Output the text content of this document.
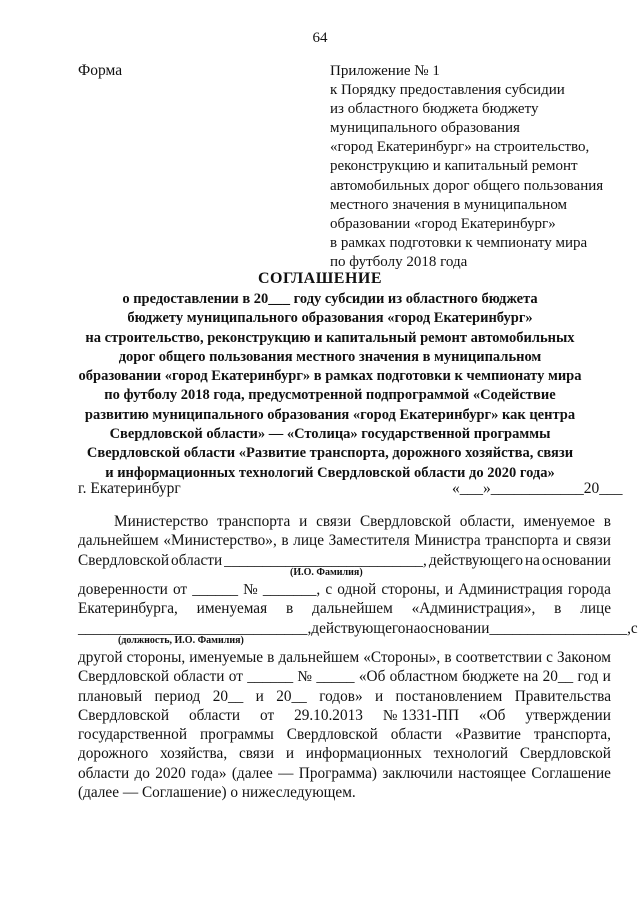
64
Форма	Приложение № 1
к Порядку предоставления субсидии
из областного бюджета бюджету
муниципального образования
«город Екатеринбург» на строительство,
реконструкцию и капитальный ремонт
автомобильных дорог общего пользования
местного значения в муниципальном
образовании «город Екатеринбург»
в рамках подготовки к чемпионату мира
по футболу 2018 года
СОГЛАШЕНИЕ
о предоставлении в 20___ году субсидии из областного бюджета
бюджету муниципального образования «город Екатеринбург»
на строительство, реконструкцию и капитальный ремонт автомобильных
дорог общего пользования местного значения в муниципальном
образовании «город Екатеринбург» в рамках подготовки к чемпионату мира
по футболу 2018 года, предусмотренной подпрограммой «Содействие
развитию муниципального образования «город Екатеринбург» как центра
Свердловской области» — «Столица» государственной программы
Свердловской области «Развитие транспорта, дорожного хозяйства, связи
и информационных технологий Свердловской области до 2020 года»
г. Екатеринбург	«___»____________20___
Министерство транспорта и связи Свердловской области, именуемое в
дальнейшем «Министерство», в лице Заместителя Министра транспорта и связи
Свердловской области __________________________, действующего на основании
(И.О. Фамилия)
доверенности от ______ № _______, с одной стороны, и Администрация города
Екатеринбурга, именуемая в дальнейшем «Администрация», в лице
______________________________, действующего на основании __________________, с
(должность, И.О. Фамилия)
другой стороны, именуемые в дальнейшем «Стороны», в соответствии с Законом
Свердловской области от ______ № _____ «Об областном бюджете на 20__ год и
плановый период 20__ и 20__ годов» и постановлением Правительства
Свердловской области от 29.10.2013 № 1331-ПП «Об утверждении
государственной программы Свердловской области «Развитие транспорта,
дорожного хозяйства, связи и информационных технологий Свердловской
области до 2020 года» (далее — Программа) заключили настоящее Соглашение
(далее — Соглашение) о нижеследующем.
